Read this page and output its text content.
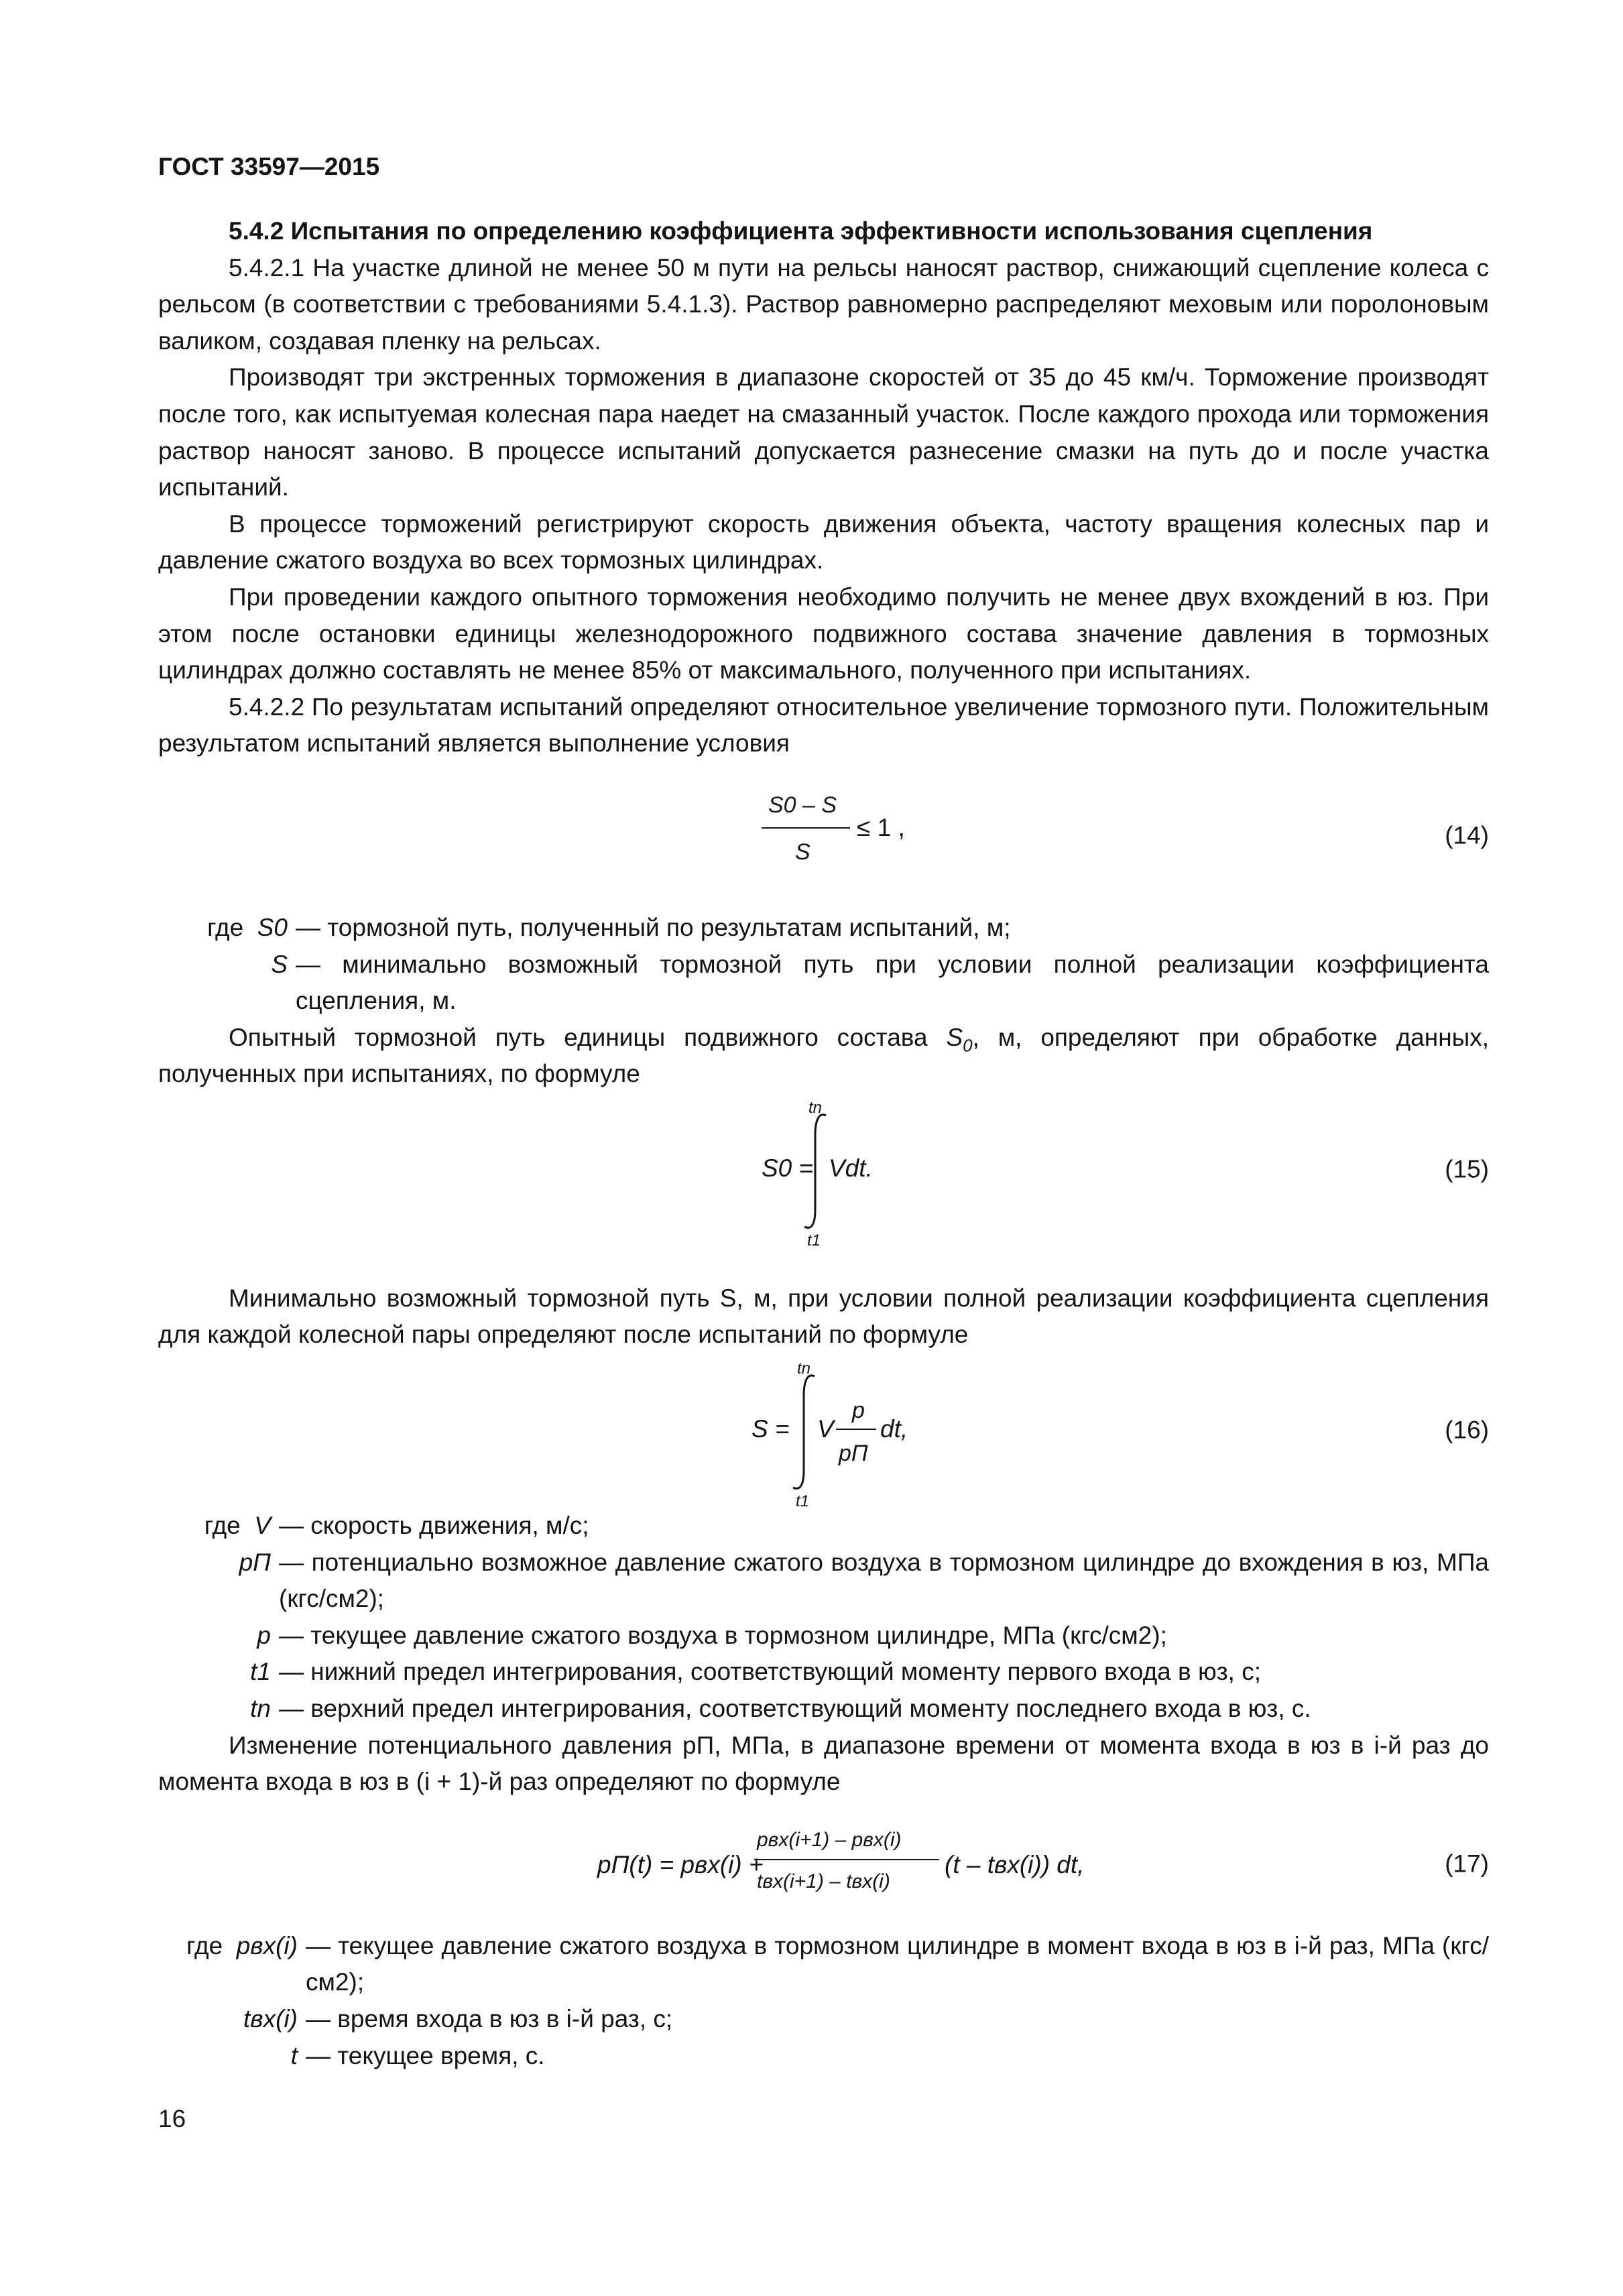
ГОСТ 33597—2015

5.4.2 Испытания по определению коэффициента эффективности использования сцепления

5.4.2.1 На участке длиной не менее 50 м пути на рельсы наносят раствор, снижающий сцепление колеса с рельсом (в соответствии с требованиями 5.4.1.3). Раствор равномерно распределяют меховым или поролоновым валиком, создавая пленку на рельсах.

Производят три экстренных торможения в диапазоне скоростей от 35 до 45 км/ч. Торможение производят после того, как испытуемая колесная пара наедет на смазанный участок. После каждого прохода или торможения раствор наносят заново. В процессе испытаний допускается разнесение смазки на путь до и после участка испытаний.

В процессе торможений регистрируют скорость движения объекта, частоту вращения колесных пар и давление сжатого воздуха во всех тормозных цилиндрах.

При проведении каждого опытного торможения необходимо получить не менее двух вхождений в юз. При этом после остановки единицы железнодорожного подвижного состава значение давления в тормозных цилиндрах должно составлять не менее 85% от максимального, полученного при испытаниях.

5.4.2.2 По результатам испытаний определяют относительное увеличение тормозного пути. Положительным результатом испытаний является выполнение условия

S0 – S
S
≤ 1 ,	(14)
где S0 — тормозной путь, полученный по результатам испытаний, м;
S — минимально возможный тормозной путь при условии полной реализации коэффициента сцепления, м.

Опытный тормозной путь единицы подвижного состава $S_0$, м, определяют при обработке данных, полученных при испытаниях, по формуле

S0 =
tn
t1
Vdt.	(15)

Минимально возможный тормозной путь S, м, при условии полной реализации коэффициента сцепления для каждой колесной пары определяют после испытаний по формуле

S =
tn
t1
V
p
pП
dt,	(16)
где V — скорость движения, м/с;
pП — потенциально возможное давление сжатого воздуха в тормозном цилиндре до вхождения в юз, МПа (кгс/см2);
p — текущее давление сжатого воздуха в тормозном цилиндре, МПа (кгс/см2);
t1 — нижний предел интегрирования, соответствующий моменту первого входа в юз, с;
tn — верхний предел интегрирования, соответствующий моменту последнего входа в юз, с.

Изменение потенциального давления pП, МПа, в диапазоне времени от момента входа в юз в i-й раз до момента входа в юз в (i + 1)-й раз определяют по формуле

pП(t) = pвх(i) +
pвх(i+1) – pвх(i)
tвх(i+1) – tвх(i)
(t – tвх(i)) dt,	(17)
где pвх(i) — текущее давление сжатого воздуха в тормозном цилиндре в момент входа в юз в i-й раз, МПа (кгс/см2);
tвх(i) — время входа в юз в i-й раз, с;
t — текущее время, с.
16
